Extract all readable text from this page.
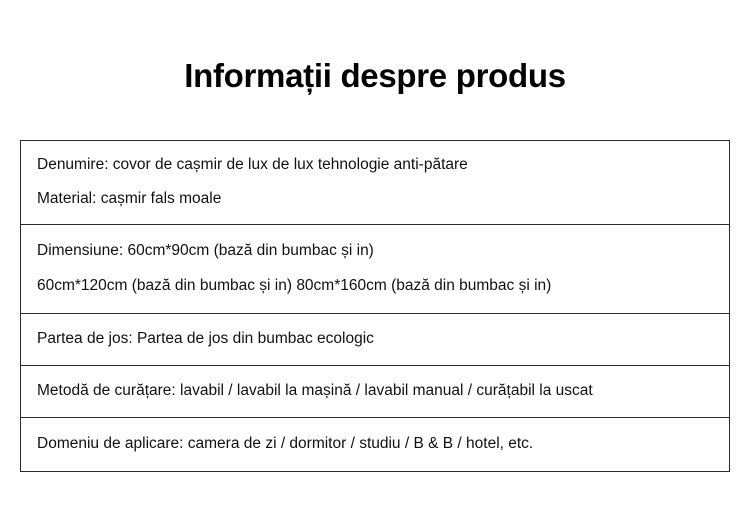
Informații despre produs
Denumire: covor de cașmir de lux de lux tehnologie anti-pătare
Material: cașmir fals moale
Dimensiune: 60cm*90cm (bază din bumbac și in)
60cm*120cm (bază din bumbac și in) 80cm*160cm (bază din bumbac și in)
Partea de jos: Partea de jos din bumbac ecologic
Metodă de curățare: lavabil / lavabil la mașină / lavabil manual / curățabil la uscat
Domeniu de aplicare: camera de zi / dormitor / studiu / B & B / hotel, etc.
